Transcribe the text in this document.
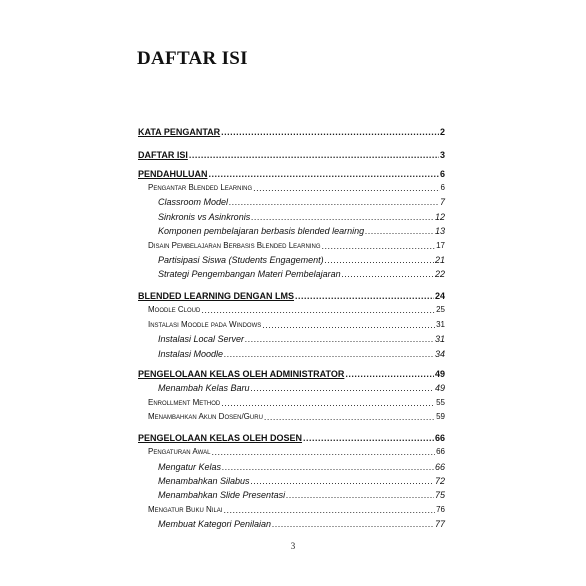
DAFTAR ISI
KATA PENGANTAR .....	2
DAFTAR ISI .....	3
PENDAHULUAN .....	6
Pengantar Blended Learning .....	6
Classroom Model .....	7
Sinkronis vs Asinkronis .....	12
Komponen pembelajaran berbasis blended learning .....	13
Disain Pembelajaran Berbasis Blended Learning .....	17
Partisipasi Siswa (Students Engagement) .....	21
Strategi Pengembangan Materi Pembelajaran .....	22
BLENDED LEARNING DENGAN LMS .....	24
Moodle Cloud .....	25
Instalasi Moodle pada Windows .....	31
Instalasi Local Server .....	31
Instalasi Moodle .....	34
PENGELOLAAN KELAS OLEH ADMINISTRATOR .....	49
Menambah Kelas Baru .....	49
Enrollment Method .....	55
Menambahkan Akun Dosen/Guru .....	59
PENGELOLAAN KELAS OLEH DOSEN .....	66
Pengaturan Awal .....	66
Mengatur Kelas .....	66
Menambahkan Silabus .....	72
Menambahkan Slide Presentasi .....	75
Mengatur Buku Nilai .....	76
Membuat Kategori Penilaian .....	77
3
